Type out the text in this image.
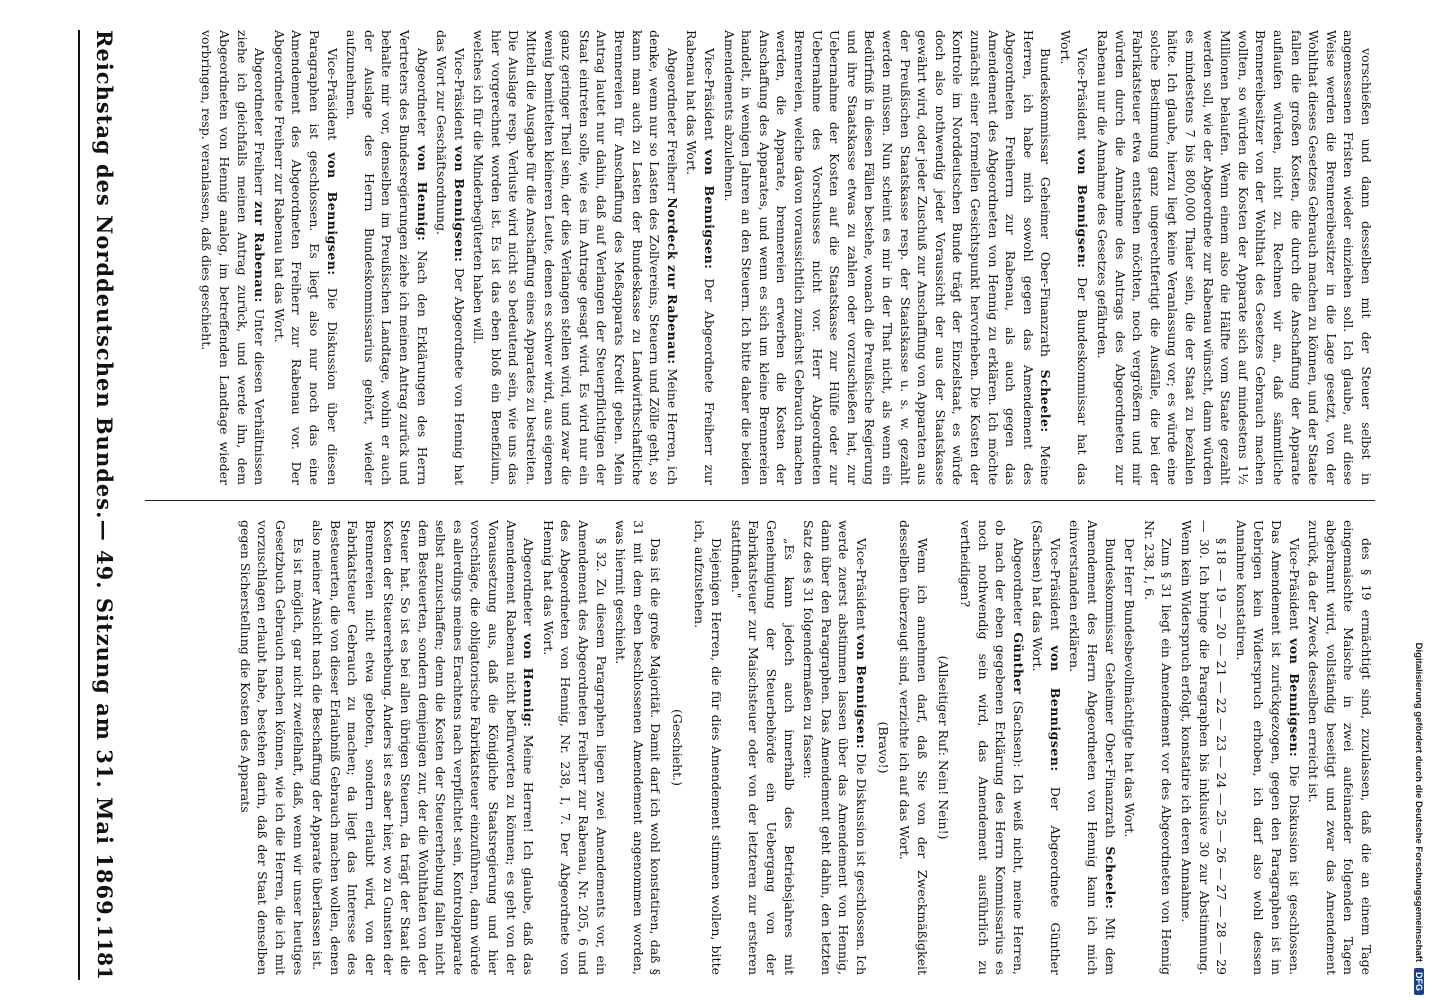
Reichstag des Norddeutschen Bundes.
— 49. Sitzung am 31. Mai 1869.
1181	des § 19 ermächtigt sind, zuzulassen, daß die an einem Tage eingemaischte Maische in zwei aufeinander folgenden Tagen abgebrannt wird, vollständig beseitigt und zwar das Amendement zurück, da der Zweck desselben erreicht ist.

Vice-Präsident von Bennigsen: Die Diskussion ist geschlossen. Das Amendement ist zurückgezogen, gegen den Paragraphen ist im Uebrigen kein Widerspruch erhoben, ich darf also wohl dessen Annahme konstatiren.

§ 18 — 19 — 20 — 21 — 22 — 23 — 24 — 25 — 26 — 27 — 28 — 29 — 30. Ich bringe die Paragraphen bis inklusive 30 zur Abstimmung. Wenn kein Widerspruch erfolgt, konstatire ich deren Annahme.

Zum § 31 liegt ein Amendement vor des Abgeordneten von Hennig Nr. 238, I, 6.

Der Herr Bundesbevollmächtigte hat das Wort.

Bundeskommissar Geheimer Ober-Finanzrath Scheele: Mit dem Amendement des Herrn Abgeordneten von Hennig kann ich mich einverstanden erklären.

Vice-Präsident von Bennigsen: Der Abgeordnete Günther (Sachsen) hat das Wort.

Abgeordneter Günther (Sachsen): Ich weiß nicht, meine Herren, ob nach der eben gegebenen Erklärung des Herrn Kommissarius es noch nothwendig sein wird, das Amendement ausführlich zu vertheidigen?

(Allseitiger Ruf: Nein! Nein!)

Wenn ich annehmen darf, daß Sie von der Zweckmäßigkeit desselben überzeugt sind, verzichte ich auf das Wort.

(Bravo!)

Vice-Präsident von Bennigsen: Die Diskussion ist geschlossen. Ich werde zuerst abstimmen lassen über das Amendement von Hennig, dann über den Paragraphen. Das Amendement geht dahin, den letzten Satz des § 31 folgendermaßen zu fassen:

„Es kann jedoch auch innerhalb des Betriebsjahres mit Genehmigung der Steuerbehörde ein Uebergang von der Fabrikatsteuer zur Maischsteuer oder von der letzteren zur ersteren stattfinden."

Diejenigen Herren, die für dies Amendement stimmen wollen, bitte ich, aufzustehen.

(Geschieht.)

Das ist die große Majorität. Damit darf ich wohl konstatiren, daß § 31 mit dem eben beschlossenen Amendement angenommen worden, was hiermit geschieht.

§ 32. Zu diesem Paragraphen liegen zwei Amendements vor, ein Amendement des Abgeordneten Freiherr zur Rabenau, Nr. 205, 6 und des Abgeordneten von Hennig, Nr. 238, I, 7. Der Abgeordnete von Hennig hat das Wort.

Abgeordneter von Hennig: Meine Herren! Ich glaube, daß das Amendement Rabenau nicht befürworten zu können; es geht von der Voraussetzung aus, daß die Königliche Staatsregierung und hier vorschläge, die obligatorische Fabrikatsteuer einzuführen, dann würde es allerdings meines Erachtens nach verpflichtet sein, Kontrolapparate selbst anzuschaffen; denn die Kosten der Steuererhebung fallen nicht dem Besteuerten, sondern demjenigen zur, der die Wohlthaten von der Steuer hat. So ist es bei allen übrigen Steuern, da trägt der Staat die Kosten der Steuererhebung. Anders ist es aber hier, wo zu Gunsten der Brennereien nicht etwa geboten, sondern erlaubt wird, von der Fabrikatsteuer Gebrauch zu machen; da liegt das Interesse des Besteuerten, die von dieser Erlaubniß Gebrauch machen wollen, denen also meiner Ansicht nach die Beschaffung der Apparate überlassen ist.

Es ist möglich, gar nicht zweifelhaft, daß, wenn wir unser heutiges Gesetzbuch Gebrauch machen können, wie ich die Herren, die ich mit vorzuschlagen erlaubt habe, bestehen darin, daß der Staat denselben gegen Sicherstellung die Kosten des Apparats

vorschießen und dann desselben mit der Steuer selbst in angemessenen Fristen wieder einziehen soll. Ich glaube, auf diese Weise werden die Brennereibesitzer in die Lage gesetzt, von der Wohlthat dieses Gesetzes Gebrauch machen zu können, und der Staate fallen die großen Kosten, die durch die Anschaffung der Apparate auflaufen würden, nicht zu. Rechnen wir an, daß sämmtliche Brennereibesitzer von der Wohlthat des Gesetzes Gebrauch machen wollten, so würden die Kosten der Apparate sich auf mindestens 1½ Millionen belaufen. Wenn einem also die Hälfte vom Staate gezahlt werden soll, wie der Abgeordnete zur Rabenau wünscht, dann würden es mindestens 7 bis 800,000 Thaler sein, die der Staat zu bezahlen hätte. Ich glaube, hierzu liegt keine Veranlassung vor; es würde eine solche Bestimmung ganz ungerechtfertigt die Ausfälle, die bei der Fabrikatsteuer etwa entstehen möchten, noch vergrößern und mir würden durch die Annahme des Antrags des Abgeordneten zur Rabenau nur die Annahme des Gesetzes gefährden.

Vice-Präsident von Bennigsen: Der Bundeskommissar hat das Wort.

Bundeskommissar Geheimer Ober-Finanzrath Scheele: Meine Herren, ich habe mich sowohl gegen das Amendement des Abgeordneten Freiherrn zur Rabenau, als auch gegen das Amendement des Abgeordneten von Hennig zu erklären. Ich möchte zunächst einer formellen Gesichtspunkt hervorheben. Die Kosten der Kontrole im Norddeutschen Bunde trägt der Einzelstaat, es würde doch also nothwendig jeder Voraussicht der aus der Staatskasse gewährt wird, oder jeder Zuschuß zur Anschaffung von Apparaten aus der Preußischen Staatskasse resp. der Staatskasse u. s. w. gezahlt werden müssen. Nun scheint es mir in der That nicht, als wenn ein Bedürfniß in diesen Fällen bestehe, wonach die Preußische Regierung und ihre Staatskasse etwas zu zahlen oder vorzuschießen hat, zur Uebernahme der Kosten auf die Staatskasse zur Hülfe oder zur Uebernahme des Vorschusses nicht vor. Herr Abgeordneten Brennereien, welche davon voraussichtlich zunächst Gebrauch machen werden, die Apparate, brennereien erwerben die Kosten der Anschaffung des Apparates, und wenn es sich um kleine Brennereien handelt, in wenigen Jahren an den Steuern. Ich bitte daher die beiden Amendements abzulehnen.

Vice-Präsident von Bennigsen: Der Abgeordnete Freiherr zur Rabenau hat das Wort.

Abgeordneter Freiherr Nordeck zur Rabenau: Meine Herren, ich denke, wenn nur so Lasten des Zollvereins, Steuern und Zölle geht, so kann man auch zu Lasten der Bundeskasse zu Landwirthschaftliche Brennereien für Anschaffung des Meßapparats Kredit geben. Mein Antrag lautet nur dahin, daß auf Verlangen der Steuerpflichtigen der Staat eintreten solle, wie es im Antrage gesagt wird. Es wird nur ein ganz geringer Theil sein, der dies Verlangen stellen wird, und zwar die wenig bemittelten kleineren Leute, denen es schwer wird, aus eigenen Mitteln die Ausgabe für die Anschaffung eines Apparates zu bestreiten. Die Auslage resp. Verluste wird nicht so bedeutend sein, wie uns das hier vorgerechnet worden ist. Es ist das eben bloß ein Benefizium, welches ich für die Minderbegüterten haben will.

Vice-Präsident von Bennigsen: Der Abgeordnete von Hennig hat das Wort zur Geschäftsordnung.

Abgeordneter von Hennig: Nach den Erklärungen des Herrn Vertreters des Bundesregierungen ziehe ich meinen Antrag zurück und behalte mir vor, denselben im Preußischen Landtage, wohin er auch der Auslage des Herrn Bundeskommissarius gehört, wieder aufzunehmen.

Vice-Präsident von Bennigsen: Die Diskussion über diesen Paragraphen ist geschlossen. Es liegt also nur noch das eine Amendement des Abgeordneten Freiherr zur Rabenau vor. Der Abgeordnete Freiherr zur Rabenau hat das Wort.

Abgeordneter Freiherr zur Rabenau: Unter diesen Verhältnissen ziehe ich gleichfalls meinen Antrag zurück, und werde ihn, dem Abgeordneten von Hennig analog, im betreffenden Landtage wieder vorbringen, resp. veranlassen, daß dies geschieht.

Digitalisierung gefördert durch die Deutsche Forschungsgemeinschaft
DFG
